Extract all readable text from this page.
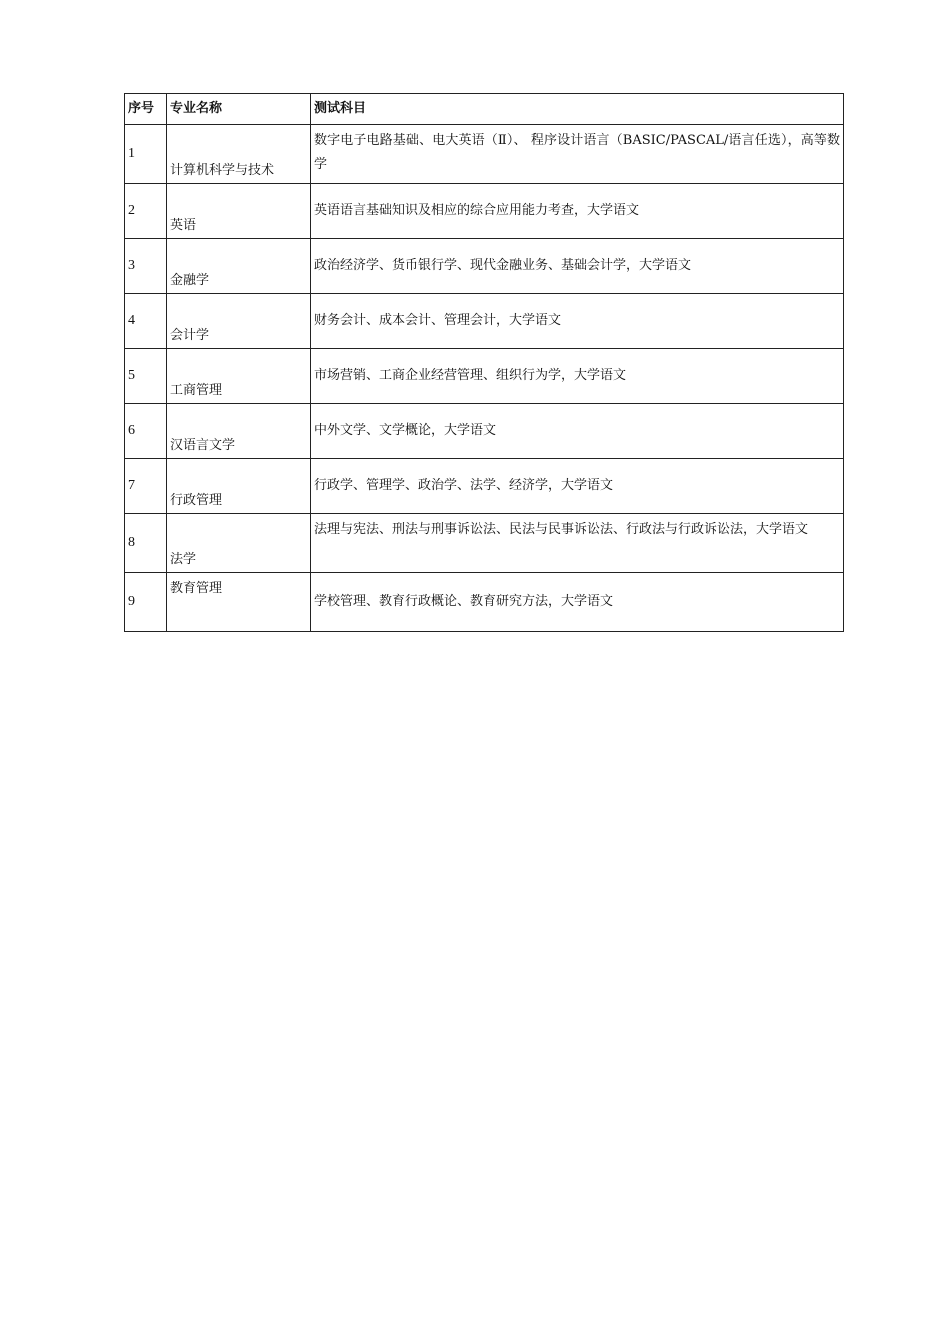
序号	专业名称	测试科目
1	计算机科学与技术	数字电子电路基础、电大英语（Ⅱ）、 程序设计语言（BASIC/PASCAL/语言任选），高等数学
2	英语	英语语言基础知识及相应的综合应用能力考查，大学语文
3	金融学	政治经济学、货币银行学、现代金融业务、基础会计学，大学语文
4	会计学	财务会计、成本会计、管理会计，大学语文
5	工商管理	市场营销、工商企业经营管理、组织行为学，大学语文
6	汉语言文学	中外文学、文学概论，大学语文
7	行政管理	行政学、管理学、政治学、法学、经济学，大学语文
8	法学	法理与宪法、刑法与刑事诉讼法、民法与民事诉讼法、行政法与行政诉讼法，大学语文
9	教育管理	学校管理、教育行政概论、教育研究方法，大学语文
